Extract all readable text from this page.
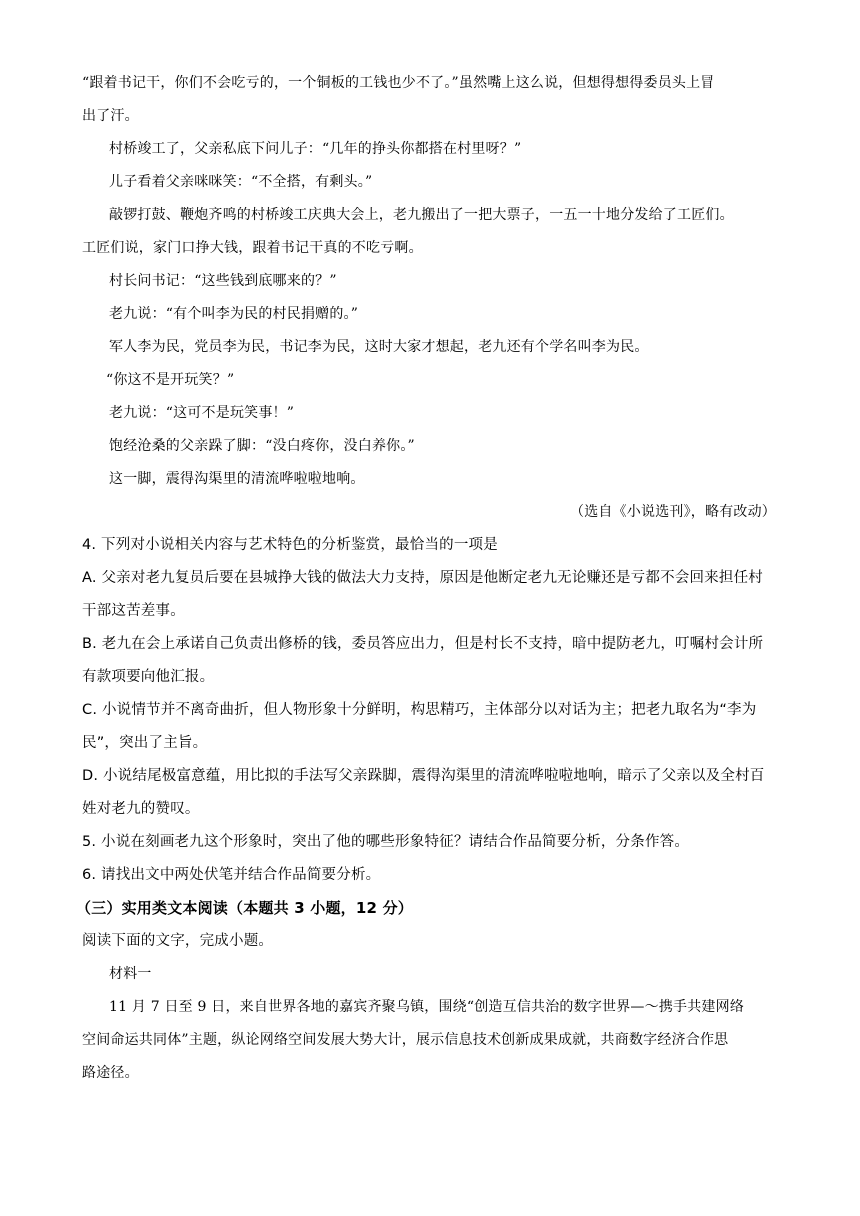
“跟着书记干，你们不会吃亏的，一个铜板的工钱也少不了。”虽然嘴上这么说，但想得想得委员头上冒
出了汗。
村桥竣工了，父亲私底下问儿子：“几年的挣头你都搭在村里呀？”
儿子看着父亲咪咪笑：“不全搭，有剩头。”
敲锣打鼓、鞭炮齐鸣的村桥竣工庆典大会上，老九搬出了一把大票子，一五一十地分发给了工匠们。
工匠们说，家门口挣大钱，跟着书记干真的不吃亏啊。
村长问书记：“这些钱到底哪来的？”
老九说：“有个叫李为民的村民捐赠的。”
军人李为民，党员李为民，书记李为民，这时大家才想起，老九还有个学名叫李为民。
“你这不是开玩笑？”
老九说：“这可不是玩笑事！”
饱经沧桑的父亲跺了脚：“没白疼你，没白养你。”
这一脚，震得沟渠里的清流哗啦啦地响。
（选自《小说选刊》，略有改动）
4. 下列对小说相关内容与艺术特色的分析鉴赏，最恰当的一项是
A. 父亲对老九复员后要在县城挣大钱的做法大力支持，原因是他断定老九无论赚还是亏都不会回来担任村
干部这苦差事。
B. 老九在会上承诺自己负责出修桥的钱，委员答应出力，但是村长不支持，暗中提防老九，叮嘱村会计所
有款项要向他汇报。
C. 小说情节并不离奇曲折，但人物形象十分鲜明，构思精巧，主体部分以对话为主；把老九取名为“李为
民”，突出了主旨。
D. 小说结尾极富意蕴，用比拟的手法写父亲跺脚，震得沟渠里的清流哗啦啦地响，暗示了父亲以及全村百
姓对老九的赞叹。
5. 小说在刻画老九这个形象时，突出了他的哪些形象特征？请结合作品简要分析，分条作答。
6. 请找出文中两处伏笔并结合作品简要分析。
（三）实用类文本阅读（本题共 3 小题，12 分）
阅读下面的文字，完成小题。
材料一
11 月 7 日至 9 日，来自世界各地的嘉宾齐聚乌镇，围绕“创造互信共治的数字世界—～携手共建网络
空间命运共同体”主题，纵论网络空间发展大势大计，展示信息技术创新成果成就，共商数字经济合作思
路途径。
